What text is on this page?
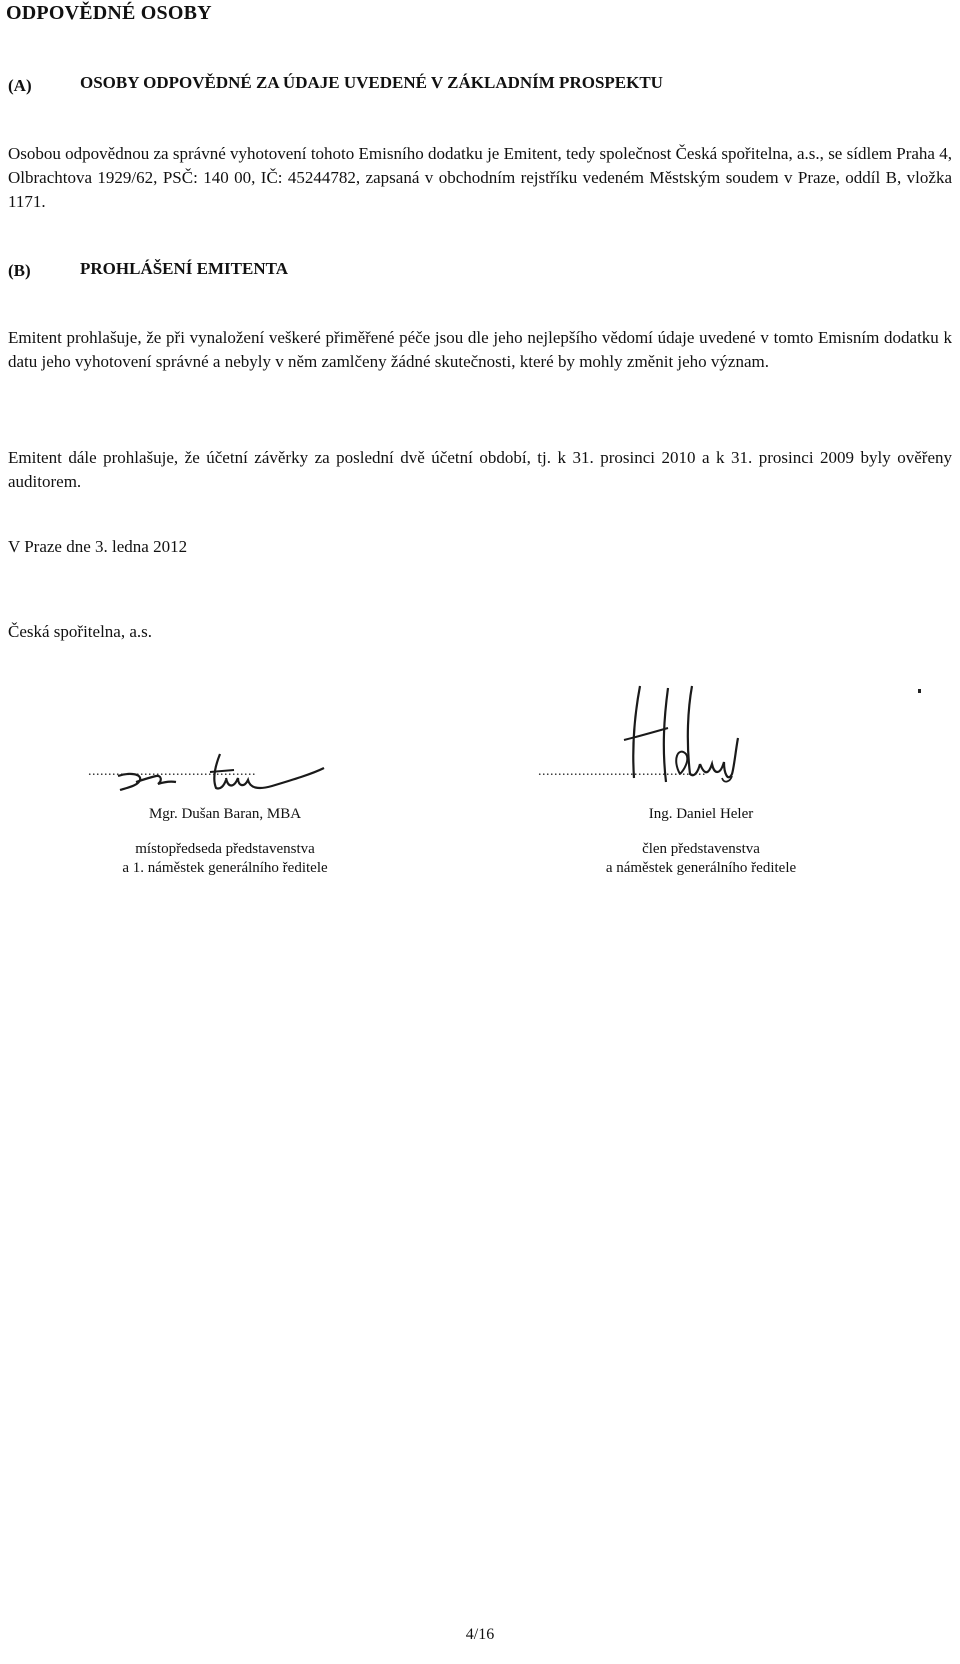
ODPOVĚDNÉ OSOBY
(A)	OSOBY ODPOVĚDNÉ ZA ÚDAJE UVEDENÉ V ZÁKLADNÍM PROSPEKTU
Osobou odpovědnou za správné vyhotovení tohoto Emisního dodatku je Emitent, tedy společnost Česká spořitelna, a.s., se sídlem Praha 4, Olbrachtova 1929/62, PSČ: 140 00, IČ: 45244782, zapsaná v obchodním rejstříku vedeném Městským soudem v Praze, oddíl B, vložka 1171.
(B)	PROHLÁŠENÍ EMITENTA
Emitent prohlašuje, že při vynaložení veškeré přiměřené péče jsou dle jeho nejlepšího vědomí údaje uvedené v tomto Emisním dodatku k datu jeho vyhotovení správné a nebyly v něm zamlčeny žádné skutečnosti, které by mohly změnit jeho význam.
Emitent dále prohlašuje, že účetní závěrky za poslední dvě účetní období, tj. k 31. prosinci 2010 a k 31. prosinci 2009 byly ověřeny auditorem.
V Praze dne 3. ledna 2012
Česká spořitelna, a.s.
..........................................
Mgr. Dušan Baran, MBA
místopředseda představenstva
a 1. náměstek generálního ředitele
..........................................
Ing. Daniel Heler
člen představenstva
a náměstek generálního ředitele
4/16
